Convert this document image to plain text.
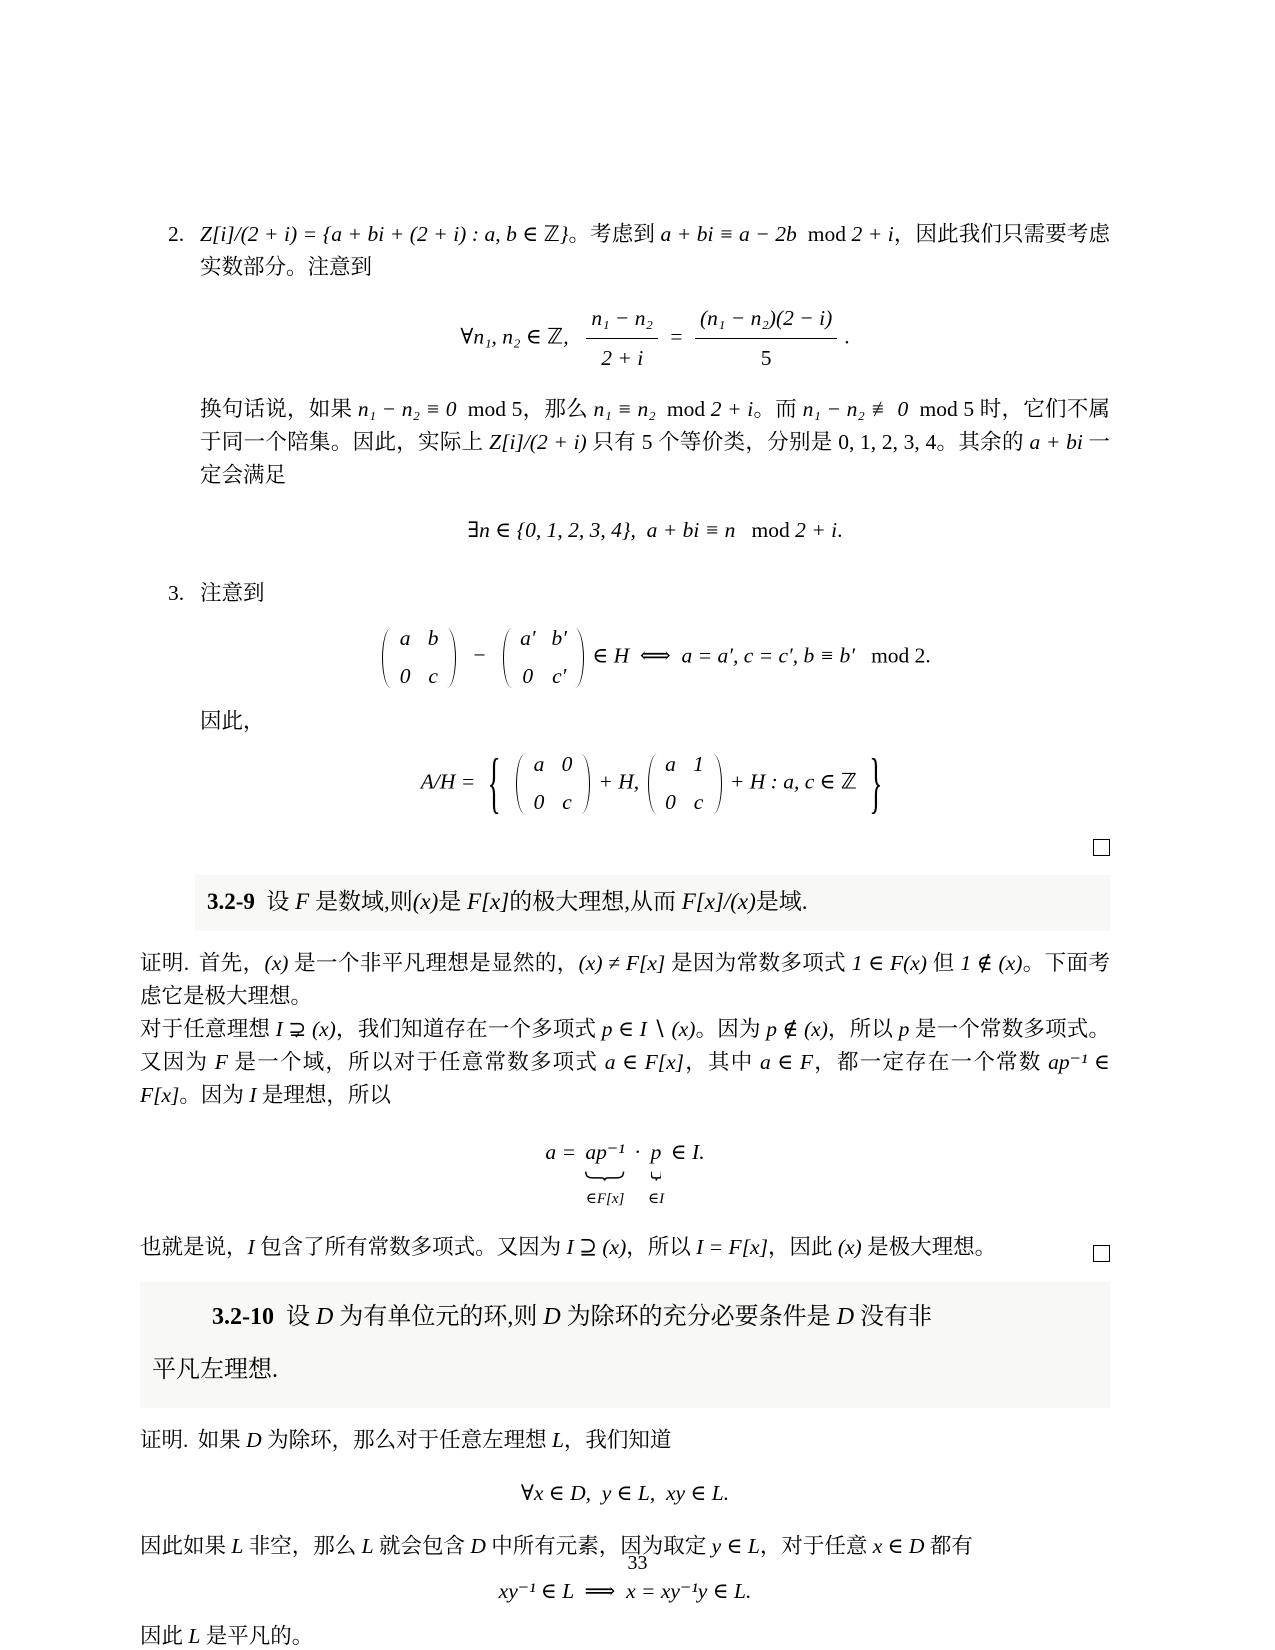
2. Z[i]/(2 + i) = {a + bi + (2 + i) : a, b ∈ ℤ}。考虑到 a + bi ≡ a − 2b  mod 2 + i，因此我们只需要考虑实数部分。注意到

∀n₁, n₂ ∈ ℤ, $\frac{\text{n₁ − n₂}}{2 + i} = \frac{\text{(n₁ − n₂)(2 − i)}}{5}$ .

换句话说，如果 n₁ − n₂ ≡ 0  mod 5，那么 n₁ ≡ n₂  mod 2 + i。而 n₁ − n₂ ≢ 0  mod 5 时，它们不属于同一个陪集。因此，实际上 Z[i]/(2 + i) 只有 5 个等价类，分别是 0, 1, 2, 3, 4。其余的 a + bi 一定会满足

∃n ∈ {0, 1, 2, 3, 4},  a + bi ≡ n   mod 2 + i.
3. 注意到

a b
0 c
−
a′ b′
0 c′
∈ H  ⟺  a = a′, c = c′, b ≡ b′   mod 2.

因此，

A/H = { a 0
0 c
+ H,
a 1
0 c
+ H : a, c ∈ ℤ }

3.2-9  设 F 是数域,则(x)是 F[x]的极大理想,从而 F[x]/(x)是域.

证明. 首先，(x) 是一个非平凡理想是显然的，(x) ≠ F[x] 是因为常数多项式 1 ∈ F(x) 但 1 ∉ (x)。下面考虑它是极大理想。

对于任意理想 I ⊋ (x)，我们知道存在一个多项式 p ∈ I ∖ (x)。因为 p ∉ (x)，所以 p 是一个常数多项式。又因为 F 是一个域，所以对于任意常数多项式 a ∈ F[x]，其中 a ∈ F，都一定存在一个常数 ap⁻¹ ∈ F[x]。因为 I 是理想，所以

a = ap⁻¹
∈F[x]
· p
∈I
∈ I.

也就是说，I 包含了所有常数多项式。又因为 I ⊇ (x)，所以 I = F[x]，因此 (x) 是极大理想。

3.2-10  设 D 为有单位元的环,则 D 为除环的充分必要条件是 D 没有非

平凡左理想.

证明. 如果 D 为除环，那么对于任意左理想 L，我们知道

∀x ∈ D,  y ∈ L,  xy ∈ L.

因此如果 L 非空，那么 L 就会包含 D 中所有元素，因为取定 y ∈ L，对于任意 x ∈ D 都有

xy⁻¹ ∈ L  ⟹  x = xy⁻¹y ∈ L.

因此 L 是平凡的。

33
